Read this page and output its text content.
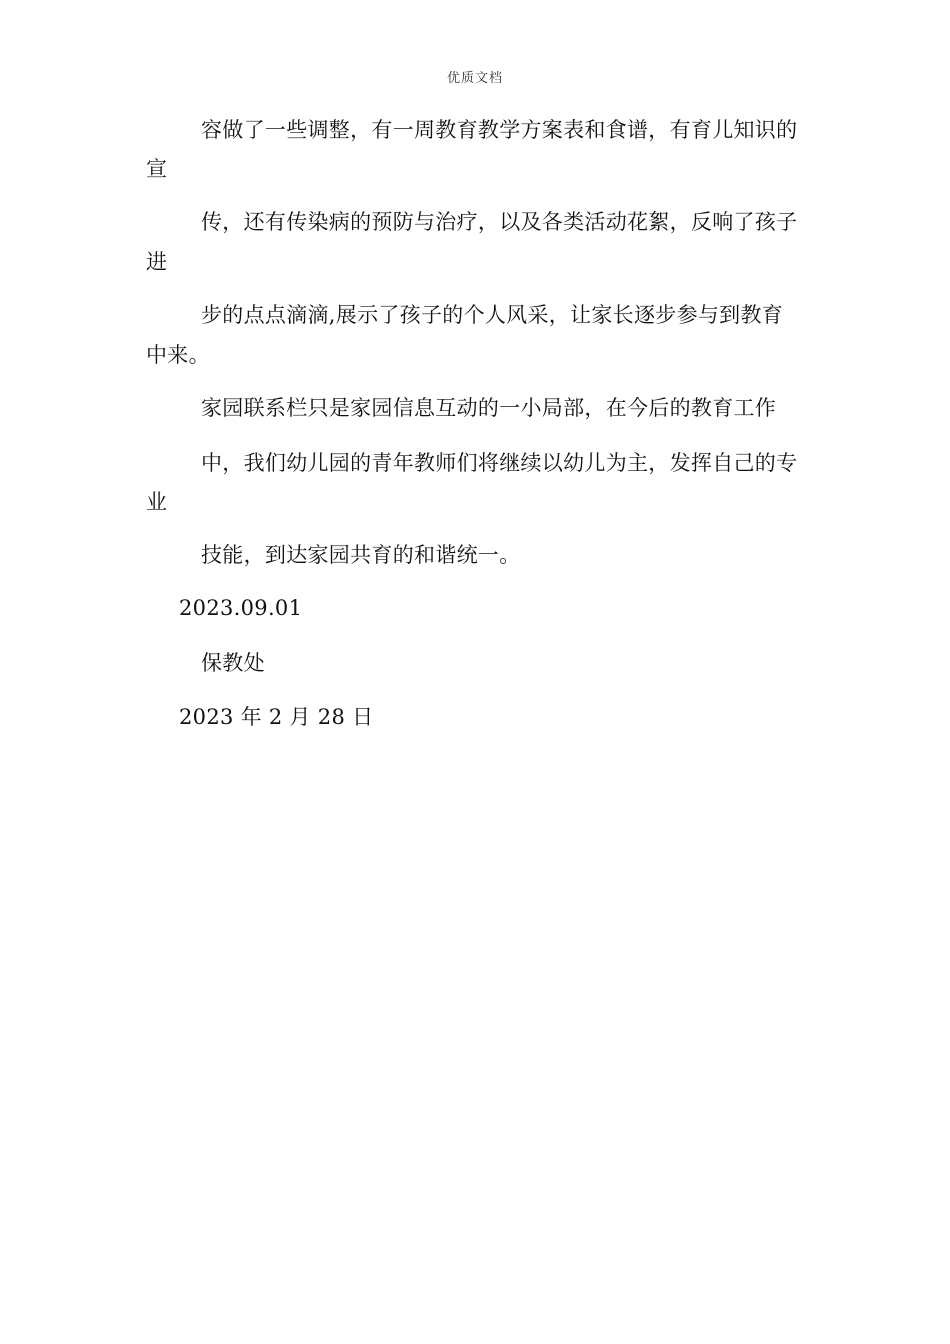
优质文档
容做了一些调整，有一周教育教学方案表和食谱，有育儿知识的
宣
传，还有传染病的预防与治疗，以及各类活动花絮，反响了孩子
进
步的点点滴滴,展示了孩子的个人风采，让家长逐步参与到教育
中来。
家园联系栏只是家园信息互动的一小局部，在今后的教育工作
中，我们幼儿园的青年教师们将继续以幼儿为主，发挥自己的专
业
技能，到达家园共育的和谐统一。
2023.09.01
保教处
2023 年 2 月 28 日
